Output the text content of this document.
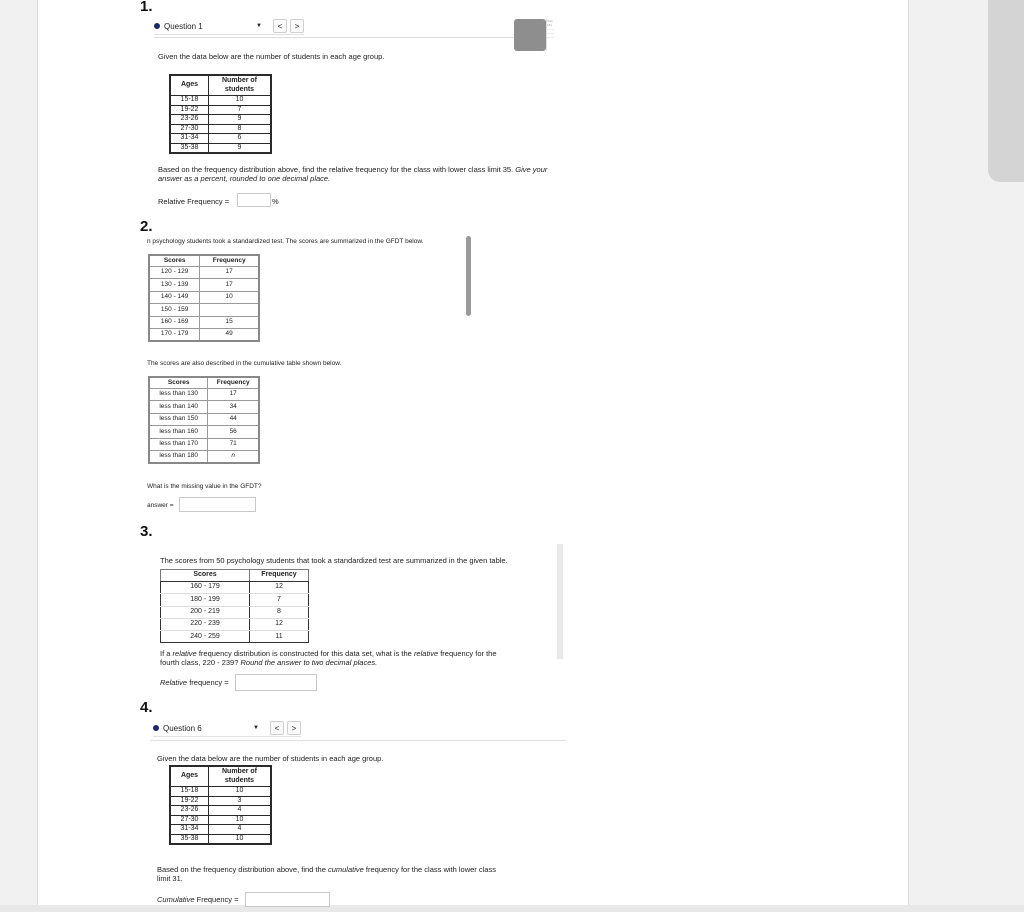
1.
Question 1	▼	<	>
Sort
181
— —
— —
— —
Given the data below are the number of students in each age group.
Ages	Number of students
15-18	10
19-22	7
23-26	9
27-30	8
31-34	6
35-38	9
Based on the frequency distribution above, find the relative frequency for the class with lower class limit 35. Give your answer as a percent, rounded to one decimal place.
Relative Frequency =	%
2.
n psychology students took a standardized test. The scores are summarized in the GFDT below.
Scores	Frequency
120 - 129	17
130 - 139	17
140 - 149	10
150 - 159	
160 - 169	15
170 - 179	49
The scores are also described in the cumulative table shown below.
Scores	Frequency
less than 130	17
less than 140	34
less than 150	44
less than 160	56
less than 170	71
less than 180	n
What is the missing value in the GFDT?
answer =
3.
The scores from 50 psychology students that took a standardized test are summarized in the given table.
Scores	Frequency
160 - 179	12
180 - 199	7
200 - 219	8
220 - 239	12
240 - 259	11
If a relative frequency distribution is constructed for this data set, what is the relative frequency for the
fourth class, 220 - 239? Round the answer to two decimal places.
Relative frequency =
4.
Question 6	▼	<	>
Given the data below are the number of students in each age group.
Ages	Number of students
15-18	10
19-22	3
23-26	4
27-30	10
31-34	4
35-38	10
Based on the frequency distribution above, find the cumulative frequency for the class with lower class
limit 31.
Cumulative Frequency =
